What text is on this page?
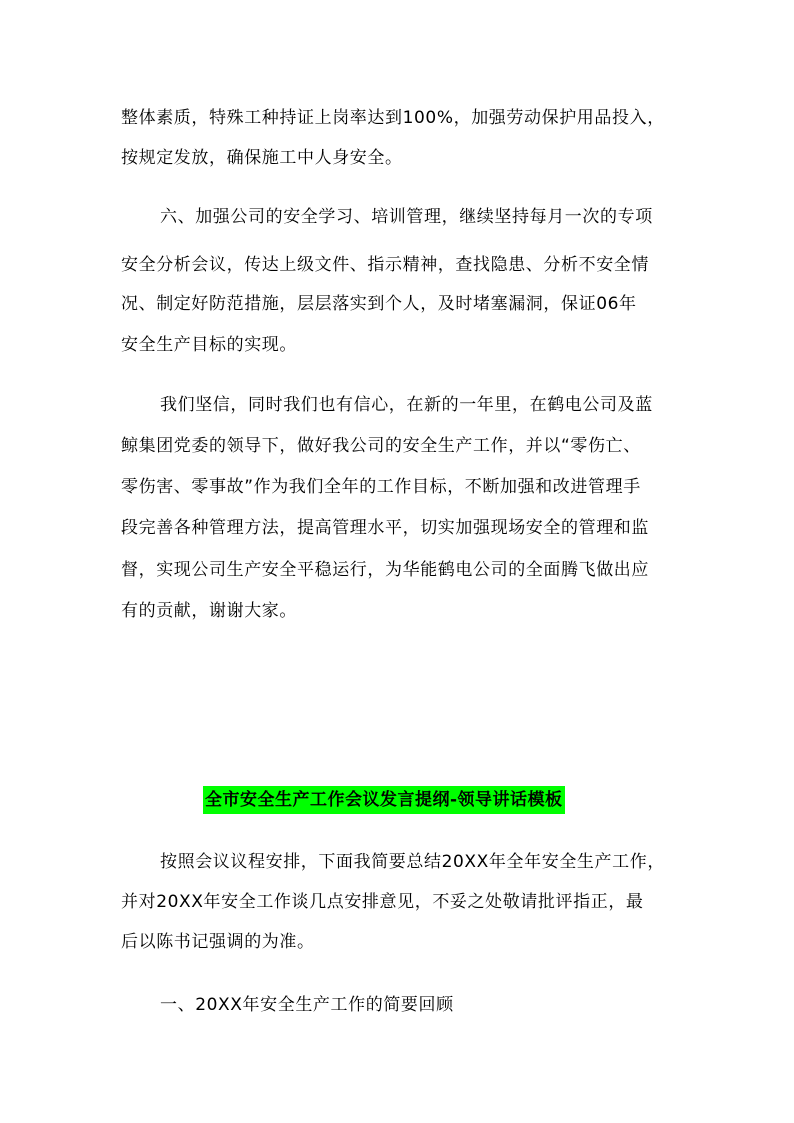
整体素质，特殊工种持证上岗率达到100%，加强劳动保护用品投入，
按规定发放，确保施工中人身安全。
六、加强公司的安全学习、培训管理，继续坚持每月一次的专项
安全分析会议，传达上级文件、指示精神，查找隐患、分析不安全情
况、制定好防范措施，层层落实到个人，及时堵塞漏洞，保证06年
安全生产目标的实现。
我们坚信，同时我们也有信心，在新的一年里，在鹤电公司及蓝
鲸集团党委的领导下，做好我公司的安全生产工作，并以“零伤亡、
零伤害、零事故”作为我们全年的工作目标，不断加强和改进管理手
段完善各种管理方法，提高管理水平，切实加强现场安全的管理和监
督，实现公司生产安全平稳运行，为华能鹤电公司的全面腾飞做出应
有的贡献，谢谢大家。
全市安全生产工作会议发言提纲-领导讲话模板
按照会议议程安排，下面我简要总结20XX年全年安全生产工作，
并对20XX年安全工作谈几点安排意见，不妥之处敬请批评指正，最
后以陈书记强调的为准。
一、20XX年安全生产工作的简要回顾
